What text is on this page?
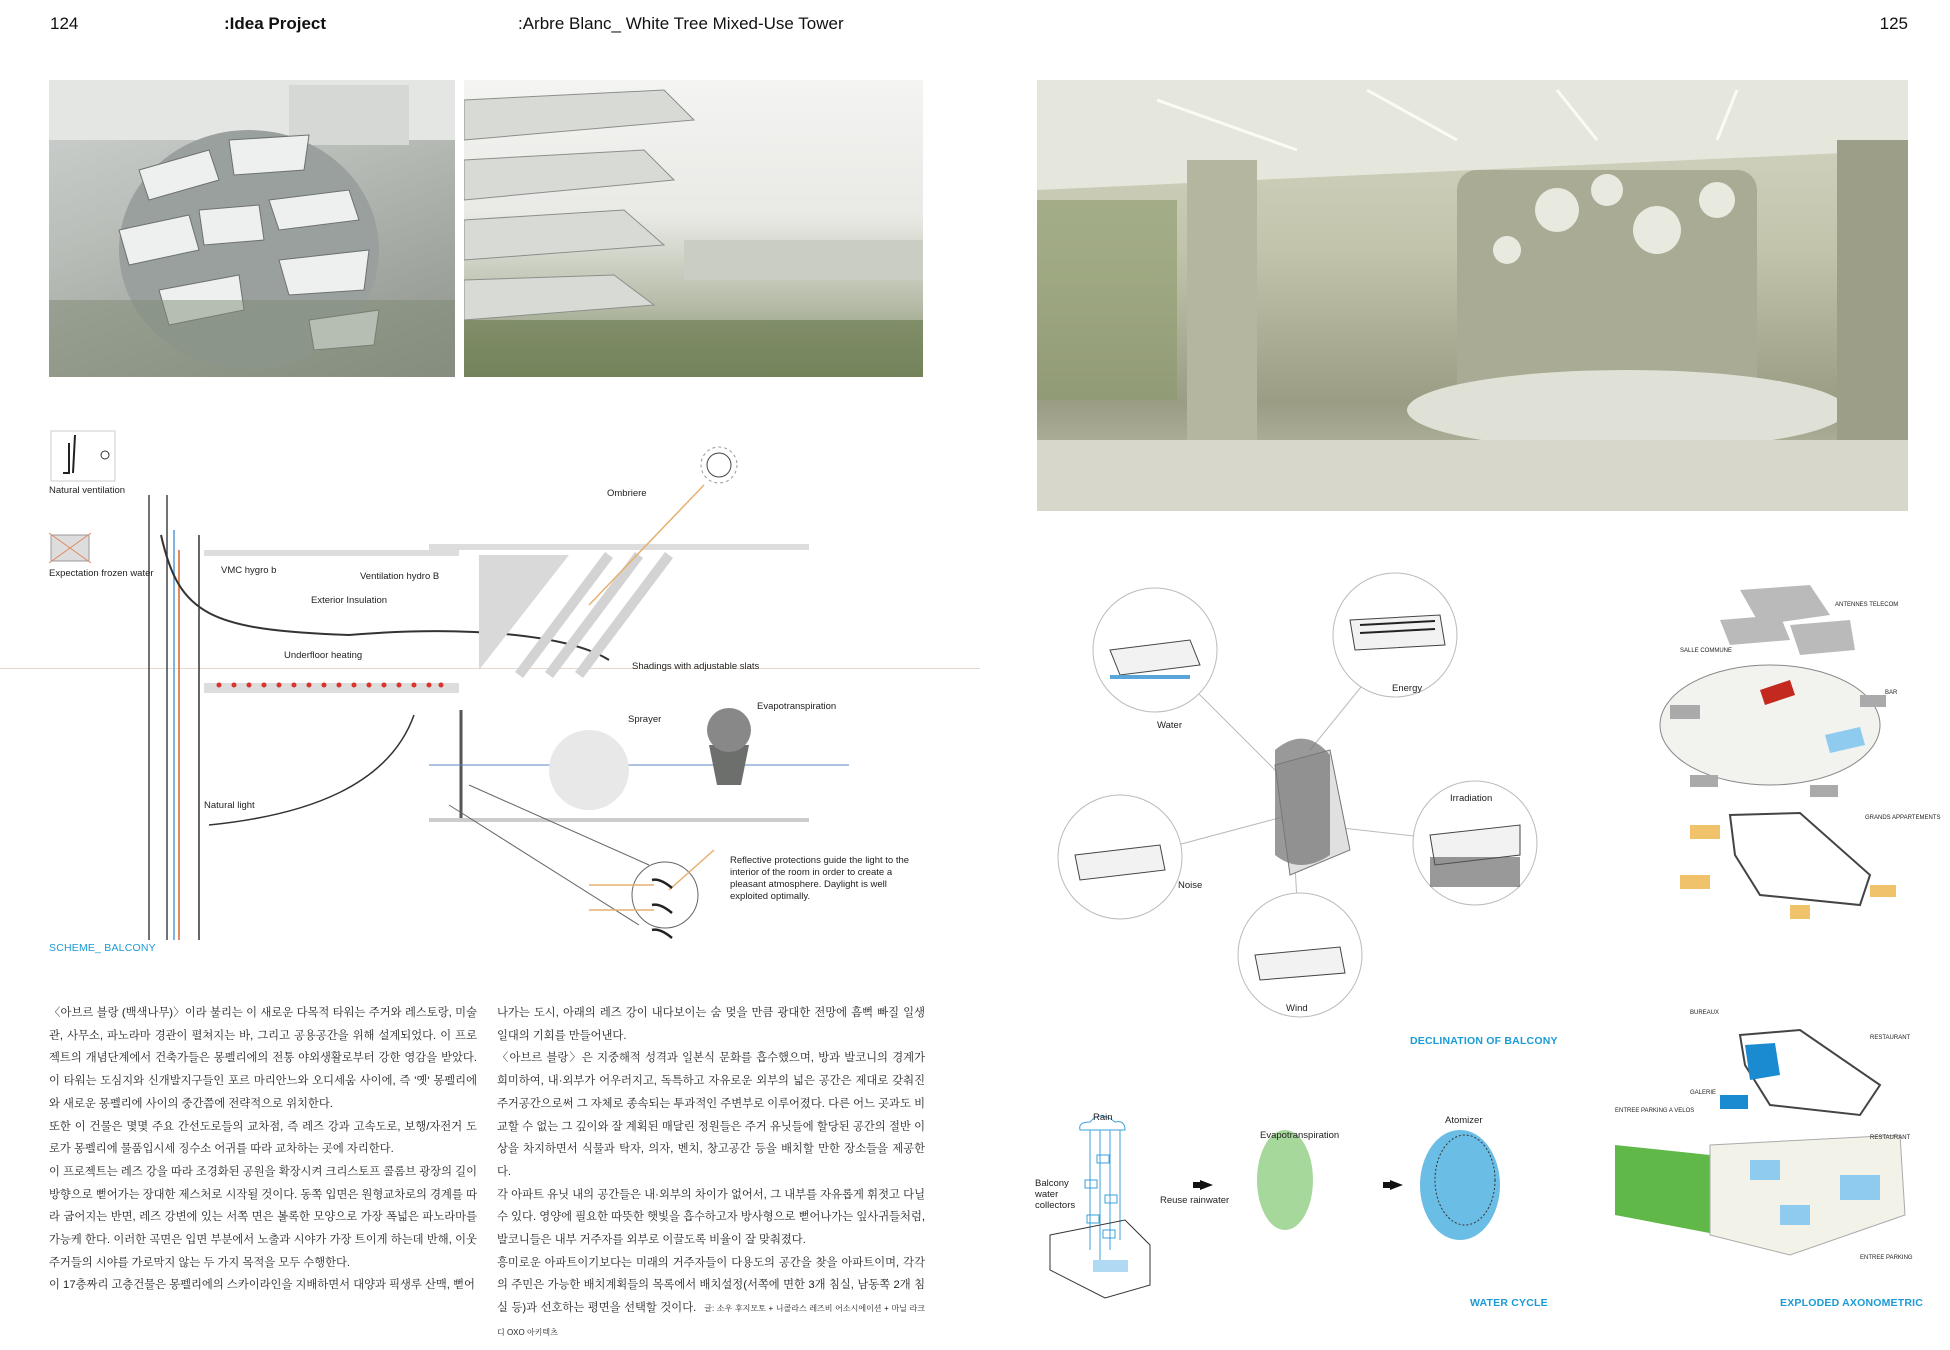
124	:Idea Project	:Arbre Blanc_ White Tree Mixed-Use Tower	125
Natural ventilation
Expectation frozen water	VMC hygro b
Ventilation hydro B
Exterior Insulation
Underfloor heating
Ombriere
Shadings with adjustable slats
Sprayer
Evapotranspiration
Natural light
Reflective protections guide the light to the interior of the room in order to create a pleasant atmosphere. Daylight is well exploited optimally.
SCHEME_ BALCONY

〈아브르 블랑 (백색나무)〉이라 불리는 이 새로운 다목적 타워는 주거와 레스토랑, 미술관, 사무소, 파노라마 경관이 펼쳐지는 바, 그리고 공용공간을 위해 설계되었다. 이 프로젝트의 개념단계에서 건축가들은 몽펠리에의 전통 야외생활로부터 강한 영감을 받았다. 이 타워는 도심지와 신개발지구들인 포르 마리안느와 오디세움 사이에, 즉 '옛' 몽펠리에와 새로운 몽펠리에 사이의 중간쯤에 전략적으로 위치한다.

또한 이 건물은 몇몇 주요 간선도로들의 교차점, 즉 레즈 강과 고속도로, 보행/자전거 도로가 몽펠리에 물품입시세 징수소 어귀를 따라 교차하는 곳에 자리한다.

이 프로젝트는 레즈 강을 따라 조경화된 공원을 확장시켜 크리스토프 콜롬브 광장의 길이방향으로 뻗어가는 장대한 제스처로 시작될 것이다. 동쪽 입면은 원형교차로의 경계를 따라 굽어지는 반면, 레즈 강변에 있는 서쪽 면은 볼록한 모양으로 가장 폭넓은 파노라마를 가능케 한다. 이러한 곡면은 입면 부분에서 노출과 시야가 가장 트이게 하는데 반해, 이웃 주거들의 시야를 가로막지 않는 두 가지 목적을 모두 수행한다.

이 17층짜리 고층건물은 몽펠리에의 스카이라인을 지배하면서 대양과 픽생루 산맥, 뻗어

나가는 도시, 아래의 레즈 강이 내다보이는 숨 멎을 만큼 광대한 전망에 흠뻑 빠질 일생 일대의 기회를 만들어낸다.

〈아브르 블랑〉은 지중해적 성격과 일본식 문화를 흡수했으며, 방과 발코니의 경계가 희미하여, 내·외부가 어우러지고, 독특하고 자유로운 외부의 넓은 공간은 제대로 갖춰진 주거공간으로써 그 자체로 종속되는 투과적인 주변부로 이루어졌다. 다른 어느 곳과도 비교할 수 없는 그 깊이와 잘 계획된 매달린 정원들은 주거 유닛들에 할당된 공간의 절반 이상을 차지하면서 식물과 탁자, 의자, 벤치, 창고공간 등을 배치할 만한 장소들을 제공한다.

각 아파트 유닛 내의 공간들은 내·외부의 차이가 없어서, 그 내부를 자유롭게 휘젓고 다닐 수 있다. 영양에 필요한 따뜻한 햇빛을 흡수하고자 방사형으로 뻗어나가는 잎사귀들처럼, 발코니들은 내부 거주자를 외부로 이끌도록 비율이 잘 맞춰졌다.

흥미로운 아파트이기보다는 미래의 거주자들이 다용도의 공간을 찾을 아파트이며, 각각의 주민은 가능한 배치계획들의 목록에서 배치설정(서쪽에 면한 3개 침실, 남동쪽 2개 침실 등)과 선호하는 평면을 선택할 것이다. 글: 소우 후지모토 + 니콜라스 레즈비 어소시에이션 + 마닐 라크디 OXO 아키텍츠

Water
Energy
Noise
Irradiation
Wind
DECLINATION OF BALCONY
Rain
Balcony water collectors	Reuse rainwater
Evapotranspiration
Atomizer
WATER CYCLE
ANTENNES TELECOM
SALLE COMMUNE
BAR
GRANDS APPARTEMENTS
BUREAUX
RESTAURANT
GALERIE
ENTREE PARKING A VELOS
RESTAURANT
ENTREE PARKING
EXPLODED AXONOMETRIC
